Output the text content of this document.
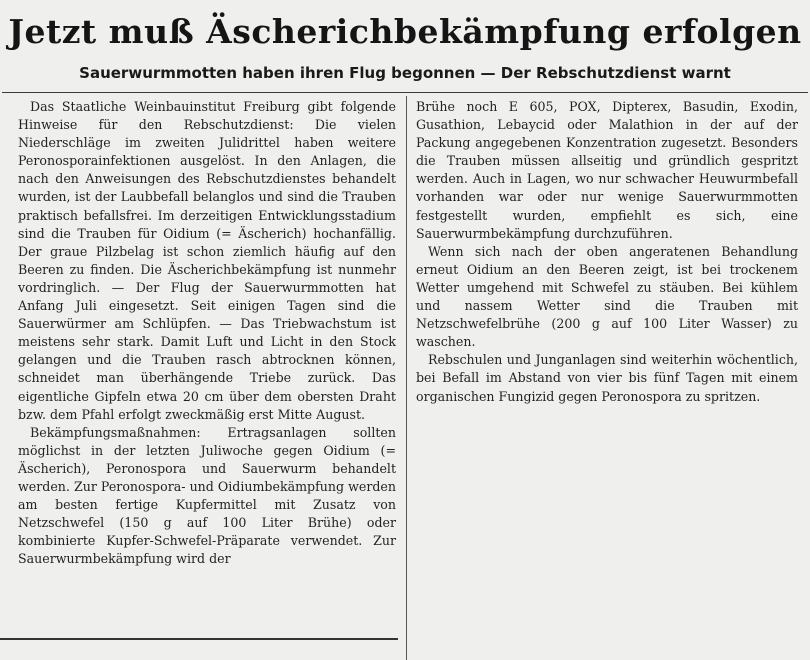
Jetzt muß Äscherichbekämpfung erfolgen
Sauerwurmmotten haben ihren Flug begonnen — Der Rebschutzdienst warnt

Das Staatliche Weinbauinstitut Freiburg gibt folgende Hinweise für den Rebschutzdienst: Die vielen Niederschläge im zweiten Julidrittel haben weitere Peronosporainfektionen ausgelöst. In den Anlagen, die nach den Anweisungen des Rebschutzdienstes behandelt wurden, ist der Laubbefall belanglos und sind die Trauben praktisch befallsfrei. Im derzeitigen Entwicklungsstadium sind die Trauben für Oidium (= Äscherich) hochanfällig. Der graue Pilzbelag ist schon ziemlich häufig auf den Beeren zu finden. Die Äscherichbekämpfung ist nunmehr vordringlich. — Der Flug der Sauerwurmmotten hat Anfang Juli eingesetzt. Seit einigen Tagen sind die Sauerwürmer am Schlüpfen. — Das Triebwachstum ist meistens sehr stark. Damit Luft und Licht in den Stock gelangen und die Trauben rasch abtrocknen können, schneidet man überhängende Triebe zurück. Das eigentliche Gipfeln etwa 20 cm über dem obersten Draht bzw. dem Pfahl erfolgt zweckmäßig erst Mitte August.

Bekämpfungsmaßnahmen: Ertragsanlagen sollten möglichst in der letzten Juliwoche gegen Oidium (= Äscherich), Peronospora und Sauerwurm behandelt werden. Zur Peronospora- und Oidiumbekämpfung werden am besten fertige Kupfermittel mit Zusatz von Netzschwefel (150 g auf 100 Liter Brühe) oder kombinierte Kupfer-Schwefel-Präparate verwendet. Zur Sauerwurmbekämpfung wird der

Brühe noch E 605, POX, Dipterex, Basudin, Exodin, Gusathion, Lebaycid oder Malathion in der auf der Packung angegebenen Konzentration zugesetzt. Besonders die Trauben müssen allseitig und gründlich gespritzt werden. Auch in Lagen, wo nur schwacher Heuwurmbefall vorhanden war oder nur wenige Sauerwurmmotten festgestellt wurden, empfiehlt es sich, eine Sauerwurmbekämpfung durchzuführen.

Wenn sich nach der oben angeratenen Behandlung erneut Oidium an den Beeren zeigt, ist bei trockenem Wetter umgehend mit Schwefel zu stäuben. Bei kühlem und nassem Wetter sind die Trauben mit Netzschwefelbrühe (200 g auf 100 Liter Wasser) zu waschen.

Rebschulen und Junganlagen sind weiterhin wöchentlich, bei Befall im Abstand von vier bis fünf Tagen mit einem organischen Fungizid gegen Peronospora zu spritzen.
